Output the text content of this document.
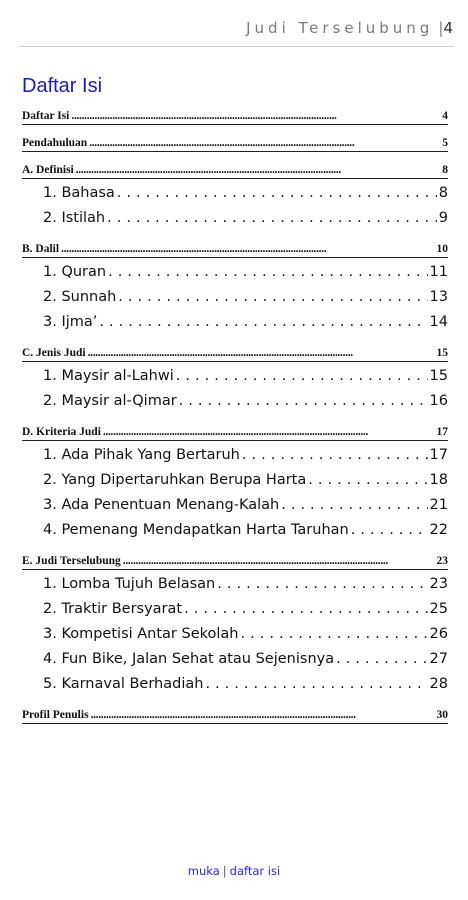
Judi Terselubung |4
Daftar Isi
Daftar Isi . . .	4
Pendahuluan . . .	5
A. Definisi . . .	8
1. Bahasa . . .	8
2. Istilah . . .	9
B. Dalil . . .	10
1. Quran . . .	11
2. Sunnah . . .	13
3. Ijma’ . . .	14
C. Jenis Judi . . .	15
1. Maysir al-Lahwi . . .	15
2. Maysir al-Qimar . . .	16
D. Kriteria Judi . . .	17
1. Ada Pihak Yang Bertaruh . . .	17
2. Yang Dipertaruhkan Berupa Harta . . .	18
3. Ada Penentuan Menang-Kalah . . .	21
4. Pemenang Mendapatkan Harta Taruhan . . .	22
E. Judi Terselubung . . .	23
1. Lomba Tujuh Belasan . . .	23
2. Traktir Bersyarat . . .	25
3. Kompetisi Antar Sekolah . . .	26
4. Fun Bike, Jalan Sehat atau Sejenisnya . . .	27
5. Karnaval Berhadiah . . .	28
Profil Penulis . . .	30
muka | daftar isi
